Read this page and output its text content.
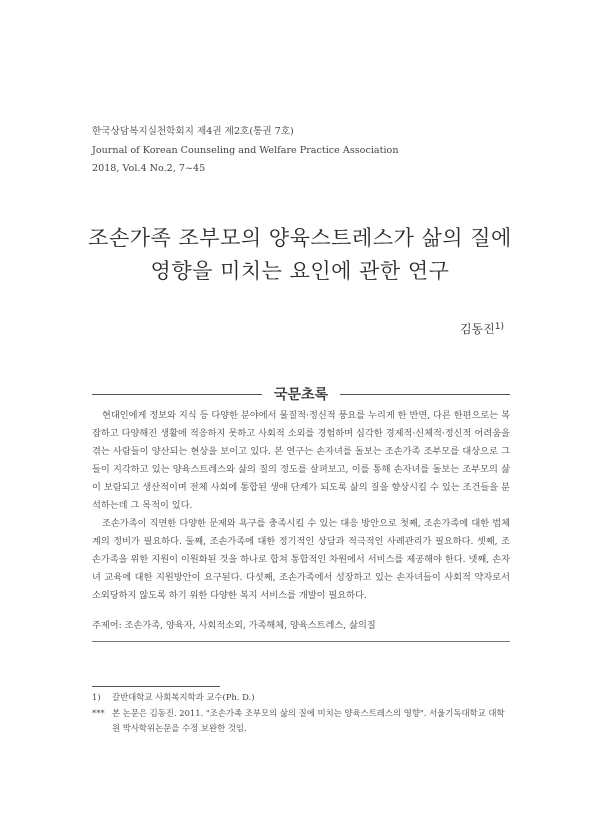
한국상담복지실천학회지 제4권 제2호(통권 7호)
Journal of Korean Counseling and Welfare Practice Association
2018, Vol.4 No.2, 7~45
조손가족 조부모의 양육스트레스가 삶의 질에
영향을 미치는 요인에 관한 연구
김동진$^{1)}$
국문초록

현대인에게 정보와 지식 등 다양한 분야에서 물질적·정신적 풍요를 누리게 한 반면, 다른 한편으로는 복잡하고 다양해진 생활에 적응하지 못하고 사회적 소외를 경험하며 심각한 경제적·신체적·정신적 어려움을 겪는 사람들이 양산되는 현상을 보이고 있다. 본 연구는 손자녀를 돌보는 조손가족 조부모를 대상으로 그들이 지각하고 있는 양육스트레스와 삶의 질의 정도를 살펴보고, 이를 통해 손자녀를 돌보는 조부모의 삶이 보람되고 생산적이며 전체 사회에 통합된 생애 단계가 되도록 삶의 질을 향상시킬 수 있는 조건들을 분석하는데 그 목적이 있다.

조손가족이 직면한 다양한 문제와 욕구를 충족시킬 수 있는 대응 방안으로 첫째, 조손가족에 대한 법체계의 정비가 필요하다. 둘째, 조손가족에 대한 정기적인 상담과 적극적인 사례관리가 필요하다. 셋째, 조손가족을 위한 지원이 이원화된 것을 하나로 합쳐 통합적인 차원에서 서비스를 제공해야 한다. 넷째, 손자녀 교육에 대한 지원방안이 요구된다. 다섯째, 조손가족에서 성장하고 있는 손자녀들이 사회적 약자로서 소외당하지 않도록 하기 위한 다양한 복지 서비스를 개발이 필요하다.

주제어: 조손가족, 양육자, 사회적소외, 가족해체, 양육스트레스, 삶의질
1)	갈반대학교 사회복지학과 교수(Ph. D.)
*** 본 논문은 김동진. 2011. "조손가족 조부모의 삶의 질에 미치는 양육스트레스의 영향". 서울기독대학교 대학원 박사학위논문을 수정 보완한 것임.
